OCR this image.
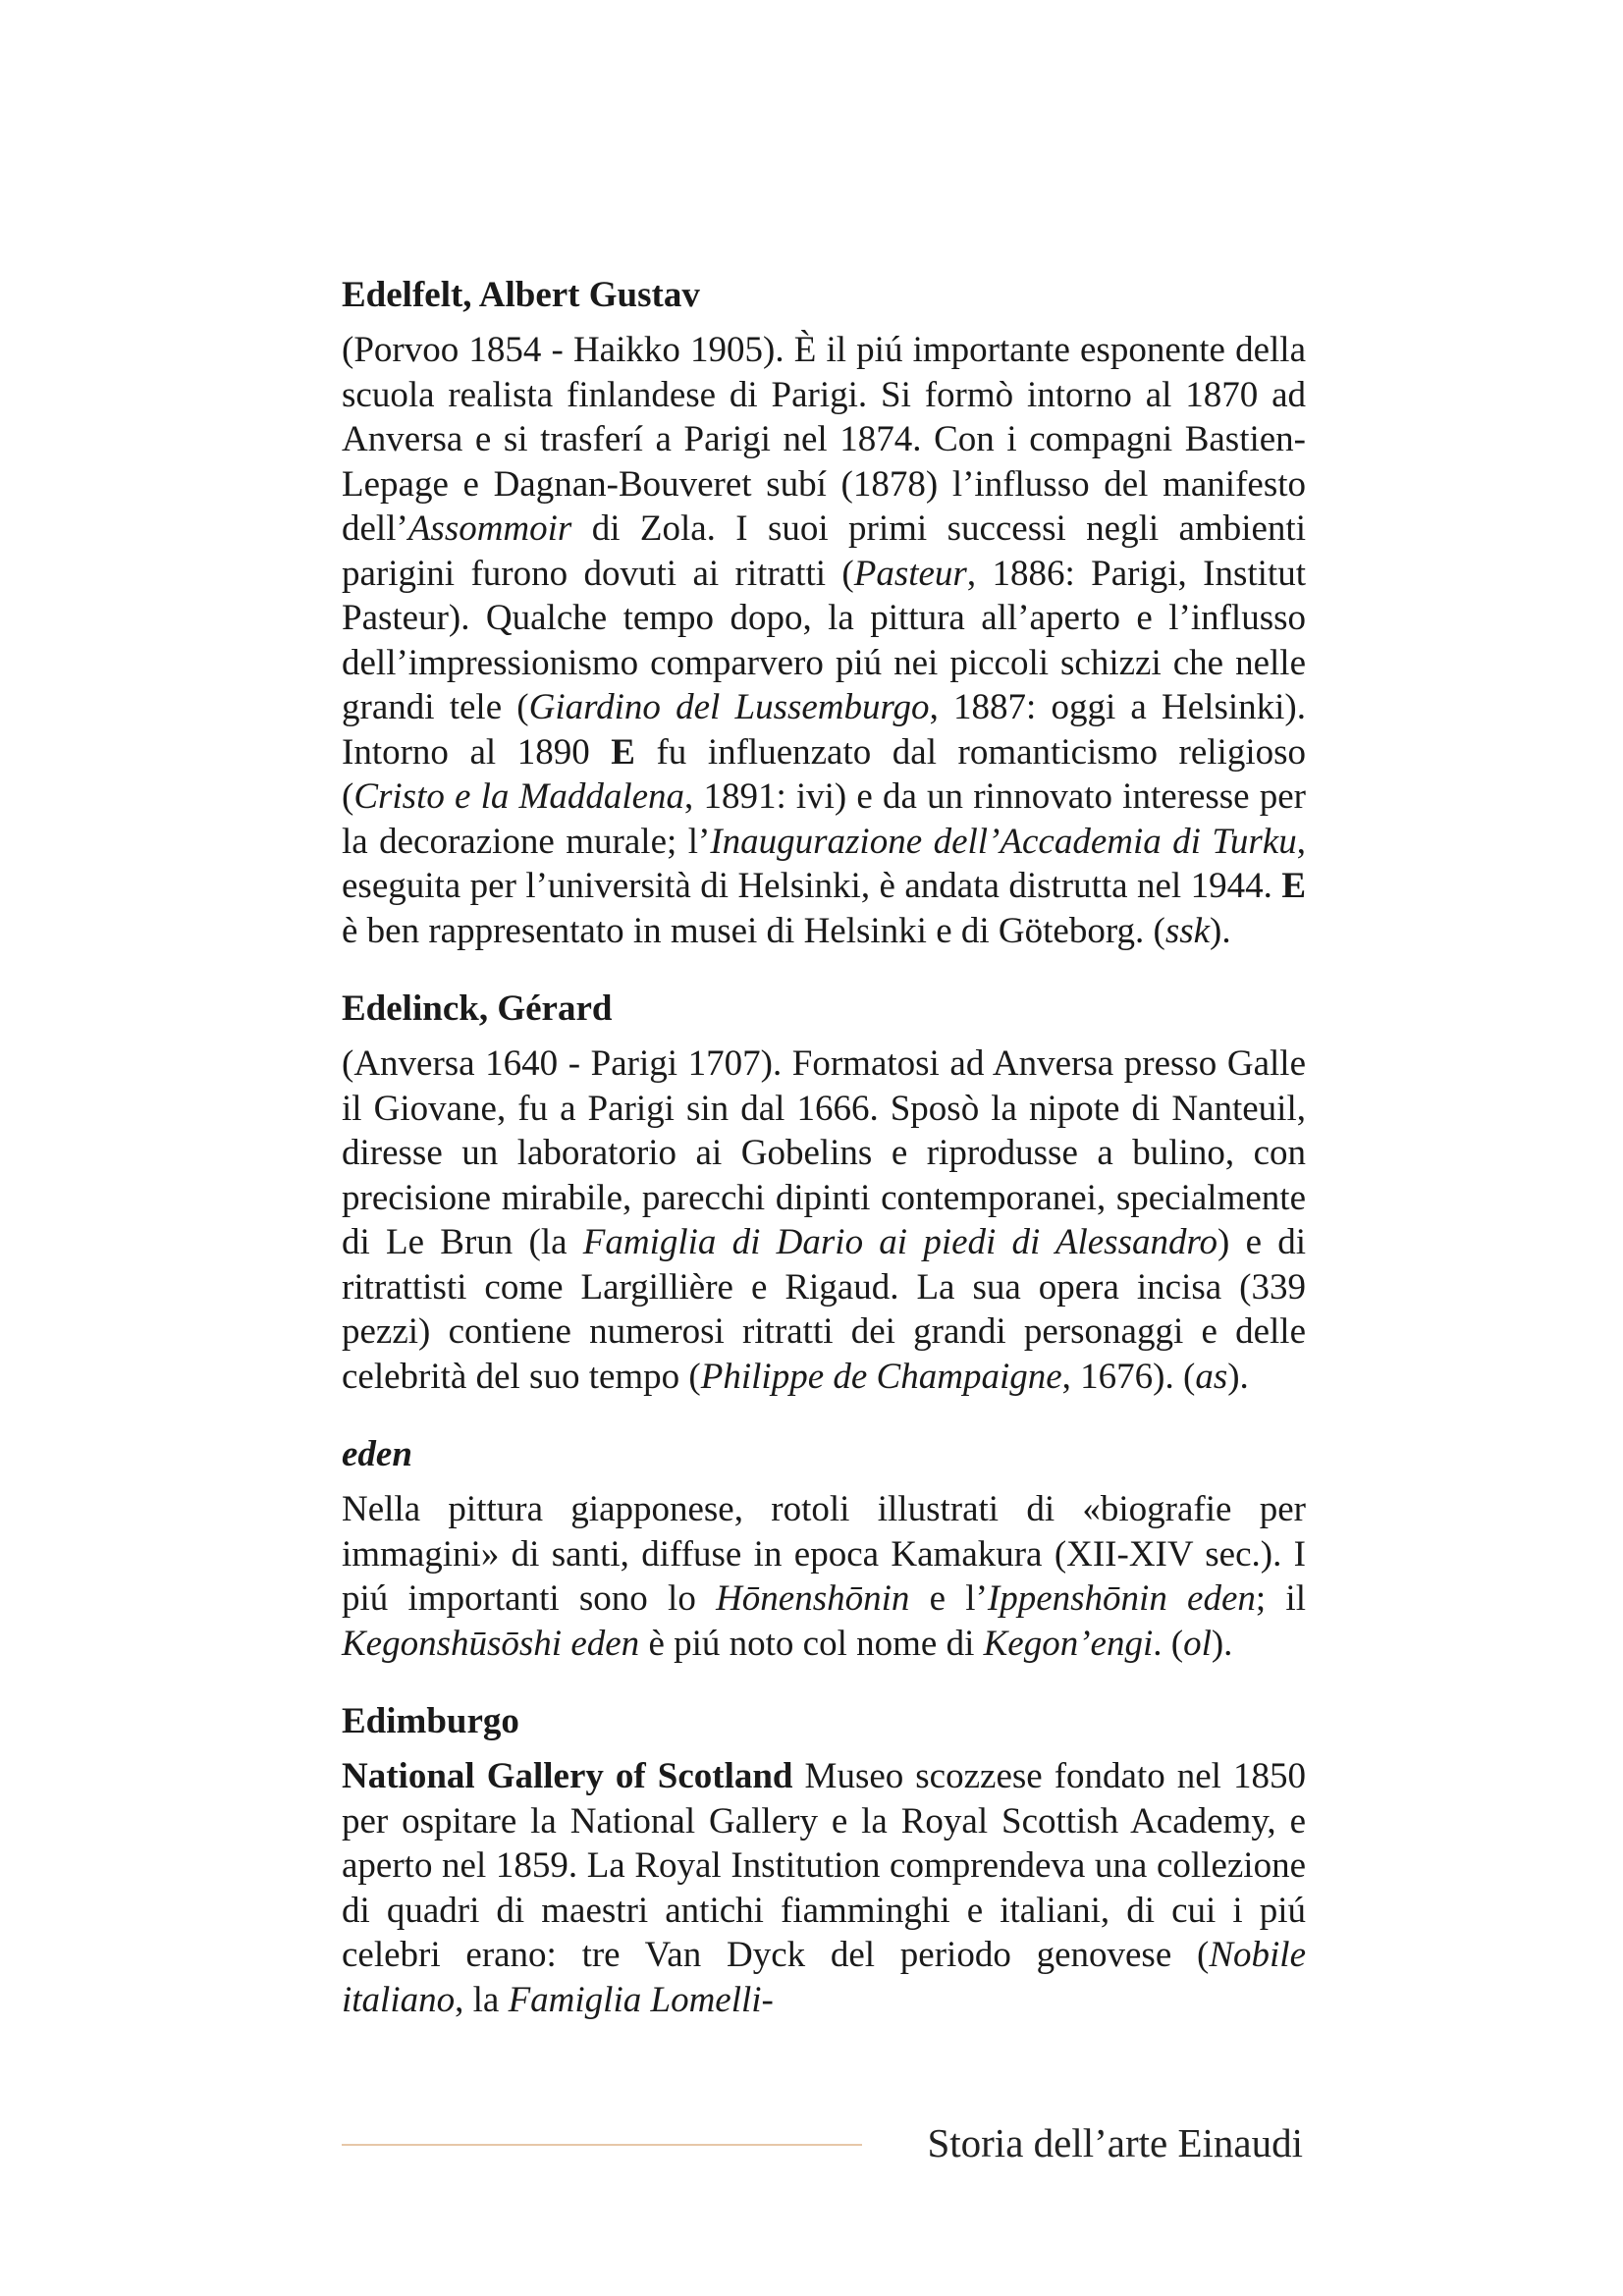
Edelfelt, Albert Gustav

(Porvoo 1854 - Haikko 1905). È il piú importante esponente della scuola realista finlandese di Parigi. Si formò intorno al 1870 ad Anversa e si trasferí a Parigi nel 1874. Con i compagni Bastien-Lepage e Dagnan-Bouveret subí (1878) l’influsso del manifesto dell’Assommoir di Zola. I suoi primi successi negli ambienti parigini furono dovuti ai ritratti (Pasteur, 1886: Parigi, Institut Pasteur). Qualche tempo dopo, la pittura all’aperto e l’influsso dell’impressionismo comparvero piú nei piccoli schizzi che nelle grandi tele (Giardino del Lussemburgo, 1887: oggi a Helsinki). Intorno al 1890 E fu influenzato dal romanticismo religioso (Cristo e la Maddalena, 1891: ivi) e da un rinnovato interesse per la decorazione murale; l’Inaugurazione dell’Accademia di Turku, eseguita per l’università di Helsinki, è andata distrutta nel 1944. E è ben rappresentato in musei di Helsinki e di Göteborg. (ssk).

Edelinck, Gérard

(Anversa 1640 - Parigi 1707). Formatosi ad Anversa presso Galle il Giovane, fu a Parigi sin dal 1666. Sposò la nipote di Nanteuil, diresse un laboratorio ai Gobelins e riprodusse a bulino, con precisione mirabile, parecchi dipinti contemporanei, specialmente di Le Brun (la Famiglia di Dario ai piedi di Alessandro) e di ritrattisti come Largillière e Rigaud. La sua opera incisa (339 pezzi) contiene numerosi ritratti dei grandi personaggi e delle celebrità del suo tempo (Philippe de Champaigne, 1676). (as).

eden

Nella pittura giapponese, rotoli illustrati di «biografie per immagini» di santi, diffuse in epoca Kamakura (XII-XIV sec.). I piú importanti sono lo Hōnenshōnin e l’Ippenshōnin eden; il Kegonshūsōshi eden è piú noto col nome di Kegon’engi. (ol).

Edimburgo

National Gallery of Scotland Museo scozzese fondato nel 1850 per ospitare la National Gallery e la Royal Scottish Academy, e aperto nel 1859. La Royal Institution comprendeva una collezione di quadri di maestri antichi fiamminghi e italiani, di cui i piú celebri erano: tre Van Dyck del periodo genovese (Nobile italiano, la Famiglia Lomelli-

Storia dell’arte Einaudi
